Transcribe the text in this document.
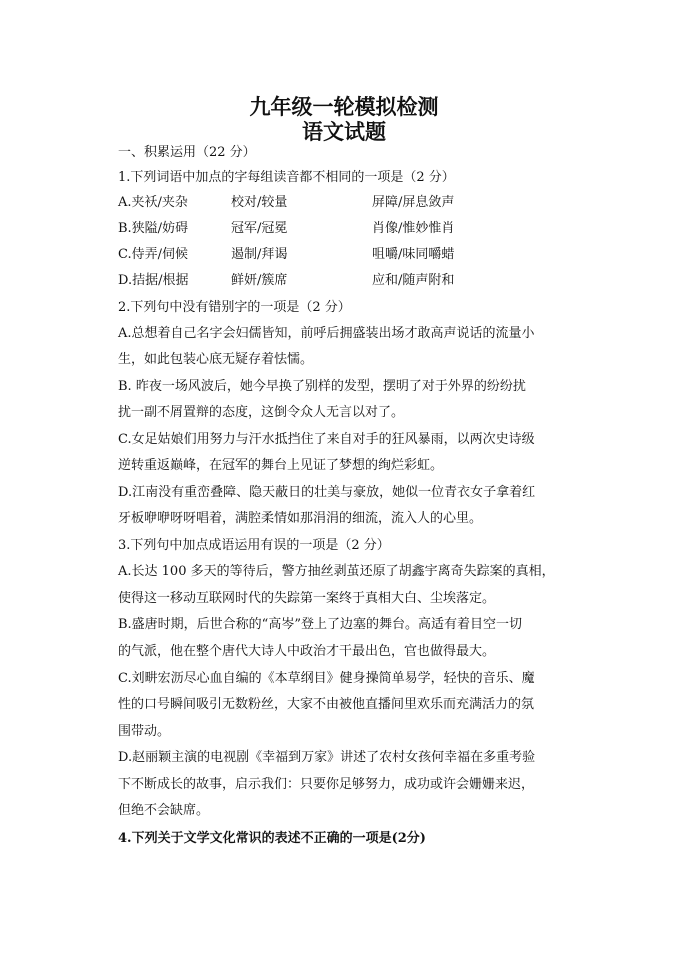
九年级一轮模拟检测
语文试题
一、积累运用（22 分）
1.下列词语中加点的字每组读音都不相同的一项是（2 分）
A.夹袄/夹杂	校对/较量	屏障/屏息敛声
B.狭隘/妨碍	冠军/冠冕	肖像/惟妙惟肖
C.侍弄/伺候	遏制/拜谒	咀嚼/味同嚼蜡
D.拮据/根据	鲜妍/簇席	应和/随声附和
2.下列句中没有错别字的一项是（2 分）
A.总想着自己名字会妇儒皆知，前呼后拥盛装出场才敢高声说话的流量小
生，如此包装心底无疑存着怯懦。
B. 昨夜一场风波后，她今早换了别样的发型，摆明了对于外界的纷纷扰
扰一副不屑置辩的态度，这倒令众人无言以对了。
C.女足姑娘们用努力与汗水抵挡住了来自对手的狂风暴雨，以两次史诗级
逆转重返巅峰，在冠军的舞台上见证了梦想的绚烂彩虹。
D.江南没有重峦叠障、隐天蔽日的壮美与豪放，她似一位青衣女子拿着红
牙板咿咿呀呀唱着，满腔柔情如那涓涓的细流，流入人的心里。
3.下列句中加点成语运用有误的一项是（2 分）
A.长达 100 多天的等待后，警方抽丝剥茧还原了胡鑫宇离奇失踪案的真相，
使得这一移动互联网时代的失踪第一案终于真相大白、尘埃落定。
B.盛唐时期，后世合称的“高岑”登上了边塞的舞台。高适有着目空一切
的气派，他在整个唐代大诗人中政治才干最出色，官也做得最大。
C.刘畊宏沥尽心血自编的《本草纲目》健身操简单易学，轻快的音乐、魔
性的口号瞬间吸引无数粉丝，大家不由被他直播间里欢乐而充满活力的氛
围带动。
D.赵丽颖主演的电视剧《幸福到万家》讲述了农村女孩何幸福在多重考验
下不断成长的故事，启示我们：只要你足够努力，成功或许会姗姗来迟，
但绝不会缺席。
4.下列关于文学文化常识的表述不正确的一项是(2分)
